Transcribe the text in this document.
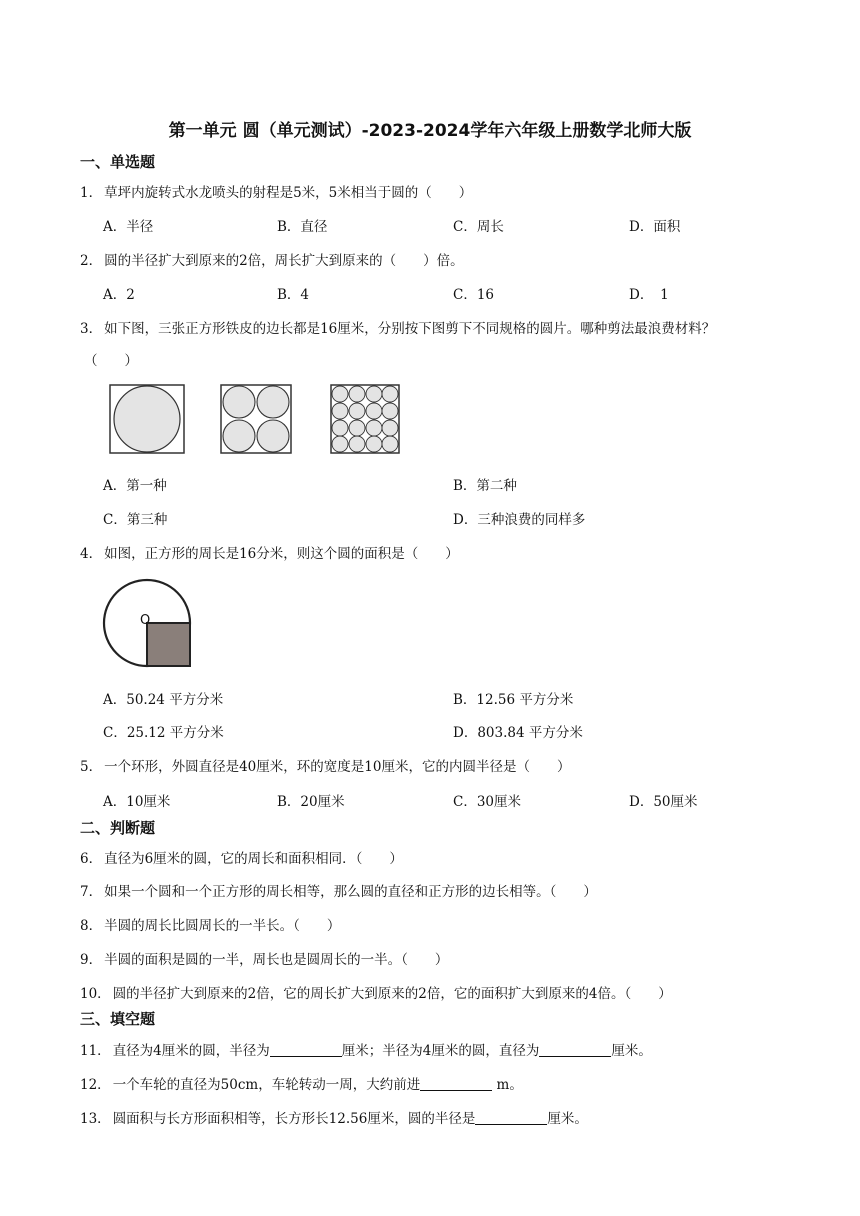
第一单元 圆（单元测试）-2023-2024学年六年级上册数学北师大版
一、单选题
1． 草坪内旋转式水龙喷头的射程是5米，5米相当于圆的（　　）
A．半径	B．直径	C．周长	D．面积
2． 圆的半径扩大到原来的2倍，周长扩大到原来的（　　）倍。
A．2	B．4	C．16	D．　1
3． 如下图，三张正方形铁皮的边长都是16厘米，分别按下图剪下不同规格的圆片。哪种剪法最浪费材料？
（　　）
A．第一种	B．第二种
C．第三种	D．三种浪费的同样多
4． 如图，正方形的周长是16分米，则这个圆的面积是（　　）
O
A．50.24 平方分米	B．12.56 平方分米
C．25.12 平方分米	D．803.84 平方分米
5． 一个环形，外圆直径是40厘米，环的宽度是10厘米，它的内圆半径是（　　）
A．10厘米	B．20厘米	C．30厘米	D．50厘米
二、判断题
6． 直径为6厘米的圆，它的周长和面积相同．（　　）
7． 如果一个圆和一个正方形的周长相等，那么圆的直径和正方形的边长相等。（　　）
8． 半圆的周长比圆周长的一半长。（　　）
9． 半圆的面积是圆的一半，周长也是圆周长的一半。（　　）
10． 圆的半径扩大到原来的2倍，它的周长扩大到原来的2倍，它的面积扩大到原来的4倍。（　　）
三、填空题
11． 直径为4厘米的圆，半径为	厘米；半径为4厘米的圆，直径为	厘米。
12． 一个车轮的直径为50cm，车轮转动一周，大约前进	m。
13． 圆面积与长方形面积相等，长方形长12.56厘米，圆的半径是	厘米。
